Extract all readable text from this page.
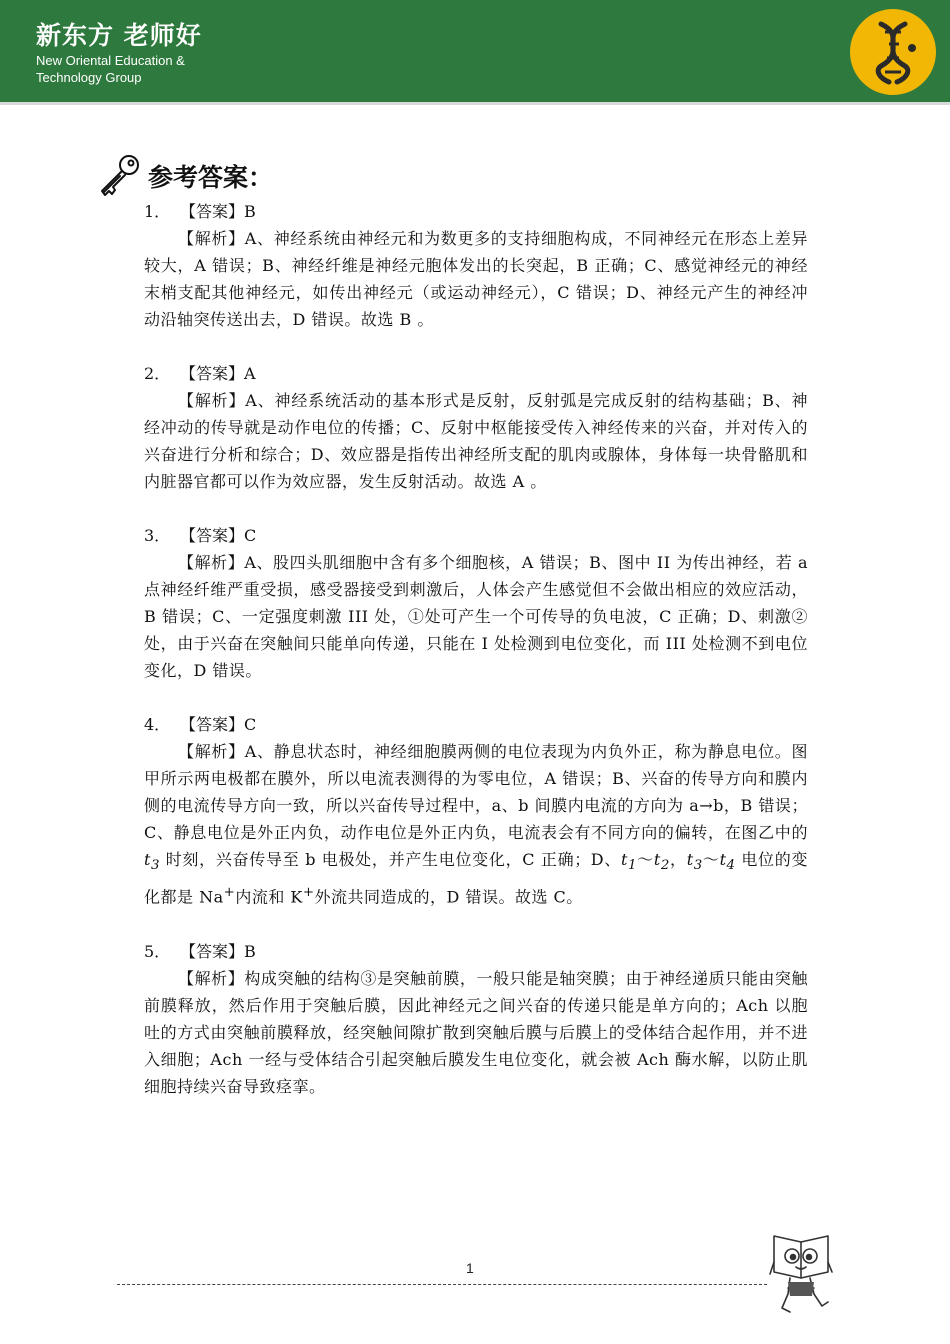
新东方 老师好
New Oriental Education &
Technology Group
参考答案：
1． 【答案】B
【解析】A、神经系统由神经元和为数更多的支持细胞构成，不同神经元在形态上差异较大，A 错误；B、神经纤维是神经元胞体发出的长突起，B 正确；C、感觉神经元的神经末梢支配其他神经元，如传出神经元（或运动神经元），C 错误；D、神经元产生的神经冲动沿轴突传送出去，D 错误。故选 B 。
2． 【答案】A
【解析】A、神经系统活动的基本形式是反射，反射弧是完成反射的结构基础；B、神经冲动的传导就是动作电位的传播；C、反射中枢能接受传入神经传来的兴奋，并对传入的兴奋进行分析和综合；D、效应器是指传出神经所支配的肌肉或腺体，身体每一块骨骼肌和内脏器官都可以作为效应器，发生反射活动。故选 A 。
3． 【答案】C
【解析】A、股四头肌细胞中含有多个细胞核，A 错误；B、图中 II 为传出神经，若 a 点神经纤维严重受损，感受器接受到刺激后，人体会产生感觉但不会做出相应的效应活动，B 错误；C、一定强度刺激 III 处，①处可产生一个可传导的负电波，C 正确；D、刺激②处，由于兴奋在突触间只能单向传递，只能在 I 处检测到电位变化，而 III 处检测不到电位变化，D 错误。
4． 【答案】C
【解析】A、静息状态时，神经细胞膜两侧的电位表现为内负外正，称为静息电位。图甲所示两电极都在膜外，所以电流表测得的为零电位，A 错误；B、兴奋的传导方向和膜内侧的电流传导方向一致，所以兴奋传导过程中，a、b 间膜内电流的方向为 a→b，B 错误；C、静息电位是外正内负，动作电位是外正内负，电流表会有不同方向的偏转，在图乙中的 $t_3$ 时刻，兴奋传导至 b 电极处，并产生电位变化，C 正确；D、$t_1\sim t_2$，$t_3\sim t_4$ 电位的变化都是 Na+内流和 K+外流共同造成的，D 错误。故选 C。
5． 【答案】B
【解析】构成突触的结构③是突触前膜，一般只能是轴突膜；由于神经递质只能由突触前膜释放，然后作用于突触后膜，因此神经元之间兴奋的传递只能是单方向的；Ach 以胞吐的方式由突触前膜释放，经突触间隙扩散到突触后膜与后膜上的受体结合起作用，并不进入细胞；Ach 一经与受体结合引起突触后膜发生电位变化，就会被 Ach 酶水解，以防止肌细胞持续兴奋导致痉挛。
1
